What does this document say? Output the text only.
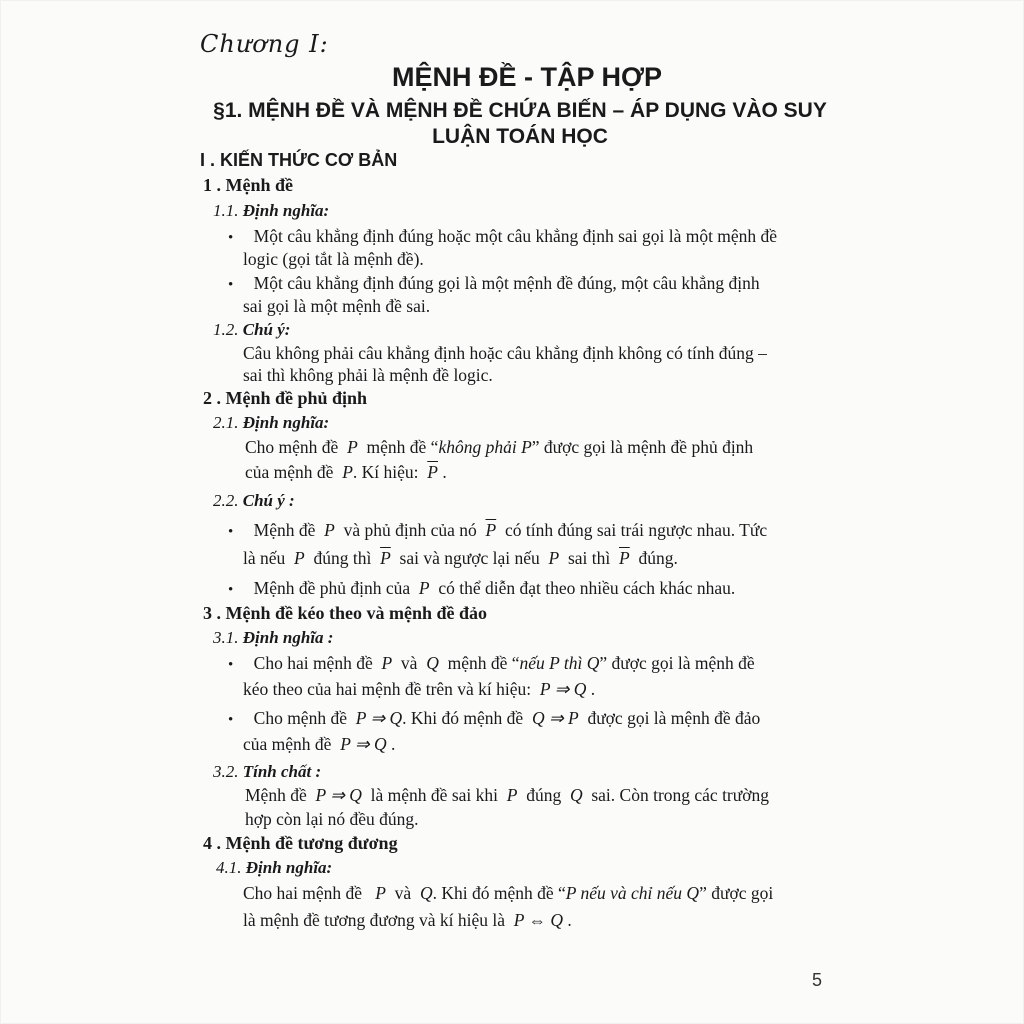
Chương I:
MỆNH ĐỀ - TẬP HỢP
§1. MỆNH ĐỀ VÀ MỆNH ĐỀ CHỨA BIẾN – ÁP DỤNG VÀO SUY
LUẬN TOÁN HỌC
I . KIẾN THỨC CƠ BẢN
1 . Mệnh đề
1.1. Định nghĩa:
• Một câu khẳng định đúng hoặc một câu khẳng định sai gọi là một mệnh đề
logic (gọi tắt là mệnh đề).
• Một câu khẳng định đúng gọi là một mệnh đề đúng, một câu khẳng định
sai gọi là một mệnh đề sai.
1.2. Chú ý:
Câu không phải câu khẳng định hoặc câu khẳng định không có tính đúng –
sai thì không phải là mệnh đề logic.
2 . Mệnh đề phủ định
2.1. Định nghĩa:
Cho mệnh đề P mệnh đề “không phải P” được gọi là mệnh đề phủ định
của mệnh đề P. Kí hiệu: $\overline{P}$ .
2.2. Chú ý :
• Mệnh đề P và phủ định của nó $\overline{P}$ có tính đúng sai trái ngược nhau. Tức
là nếu P đúng thì $\overline{P}$ sai và ngược lại nếu P sai thì $\overline{P}$ đúng.
• Mệnh đề phủ định của P có thể diễn đạt theo nhiều cách khác nhau.
3 . Mệnh đề kéo theo và mệnh đề đảo
3.1. Định nghĩa :
• Cho hai mệnh đề P và Q mệnh đề “nếu P thì Q” được gọi là mệnh đề
kéo theo của hai mệnh đề trên và kí hiệu: P ⇒ Q .
• Cho mệnh đề P ⇒ Q. Khi đó mệnh đề Q ⇒ P được gọi là mệnh đề đảo
của mệnh đề P ⇒ Q .
3.2. Tính chất :
Mệnh đề P ⇒ Q là mệnh đề sai khi P đúng Q sai. Còn trong các trường
hợp còn lại nó đều đúng.
4 . Mệnh đề tương đương
4.1. Định nghĩa:
Cho hai mệnh đề P và Q. Khi đó mệnh đề “P nếu và chỉ nếu Q” được gọi
là mệnh đề tương đương và kí hiệu là P ⇔ Q .
5
